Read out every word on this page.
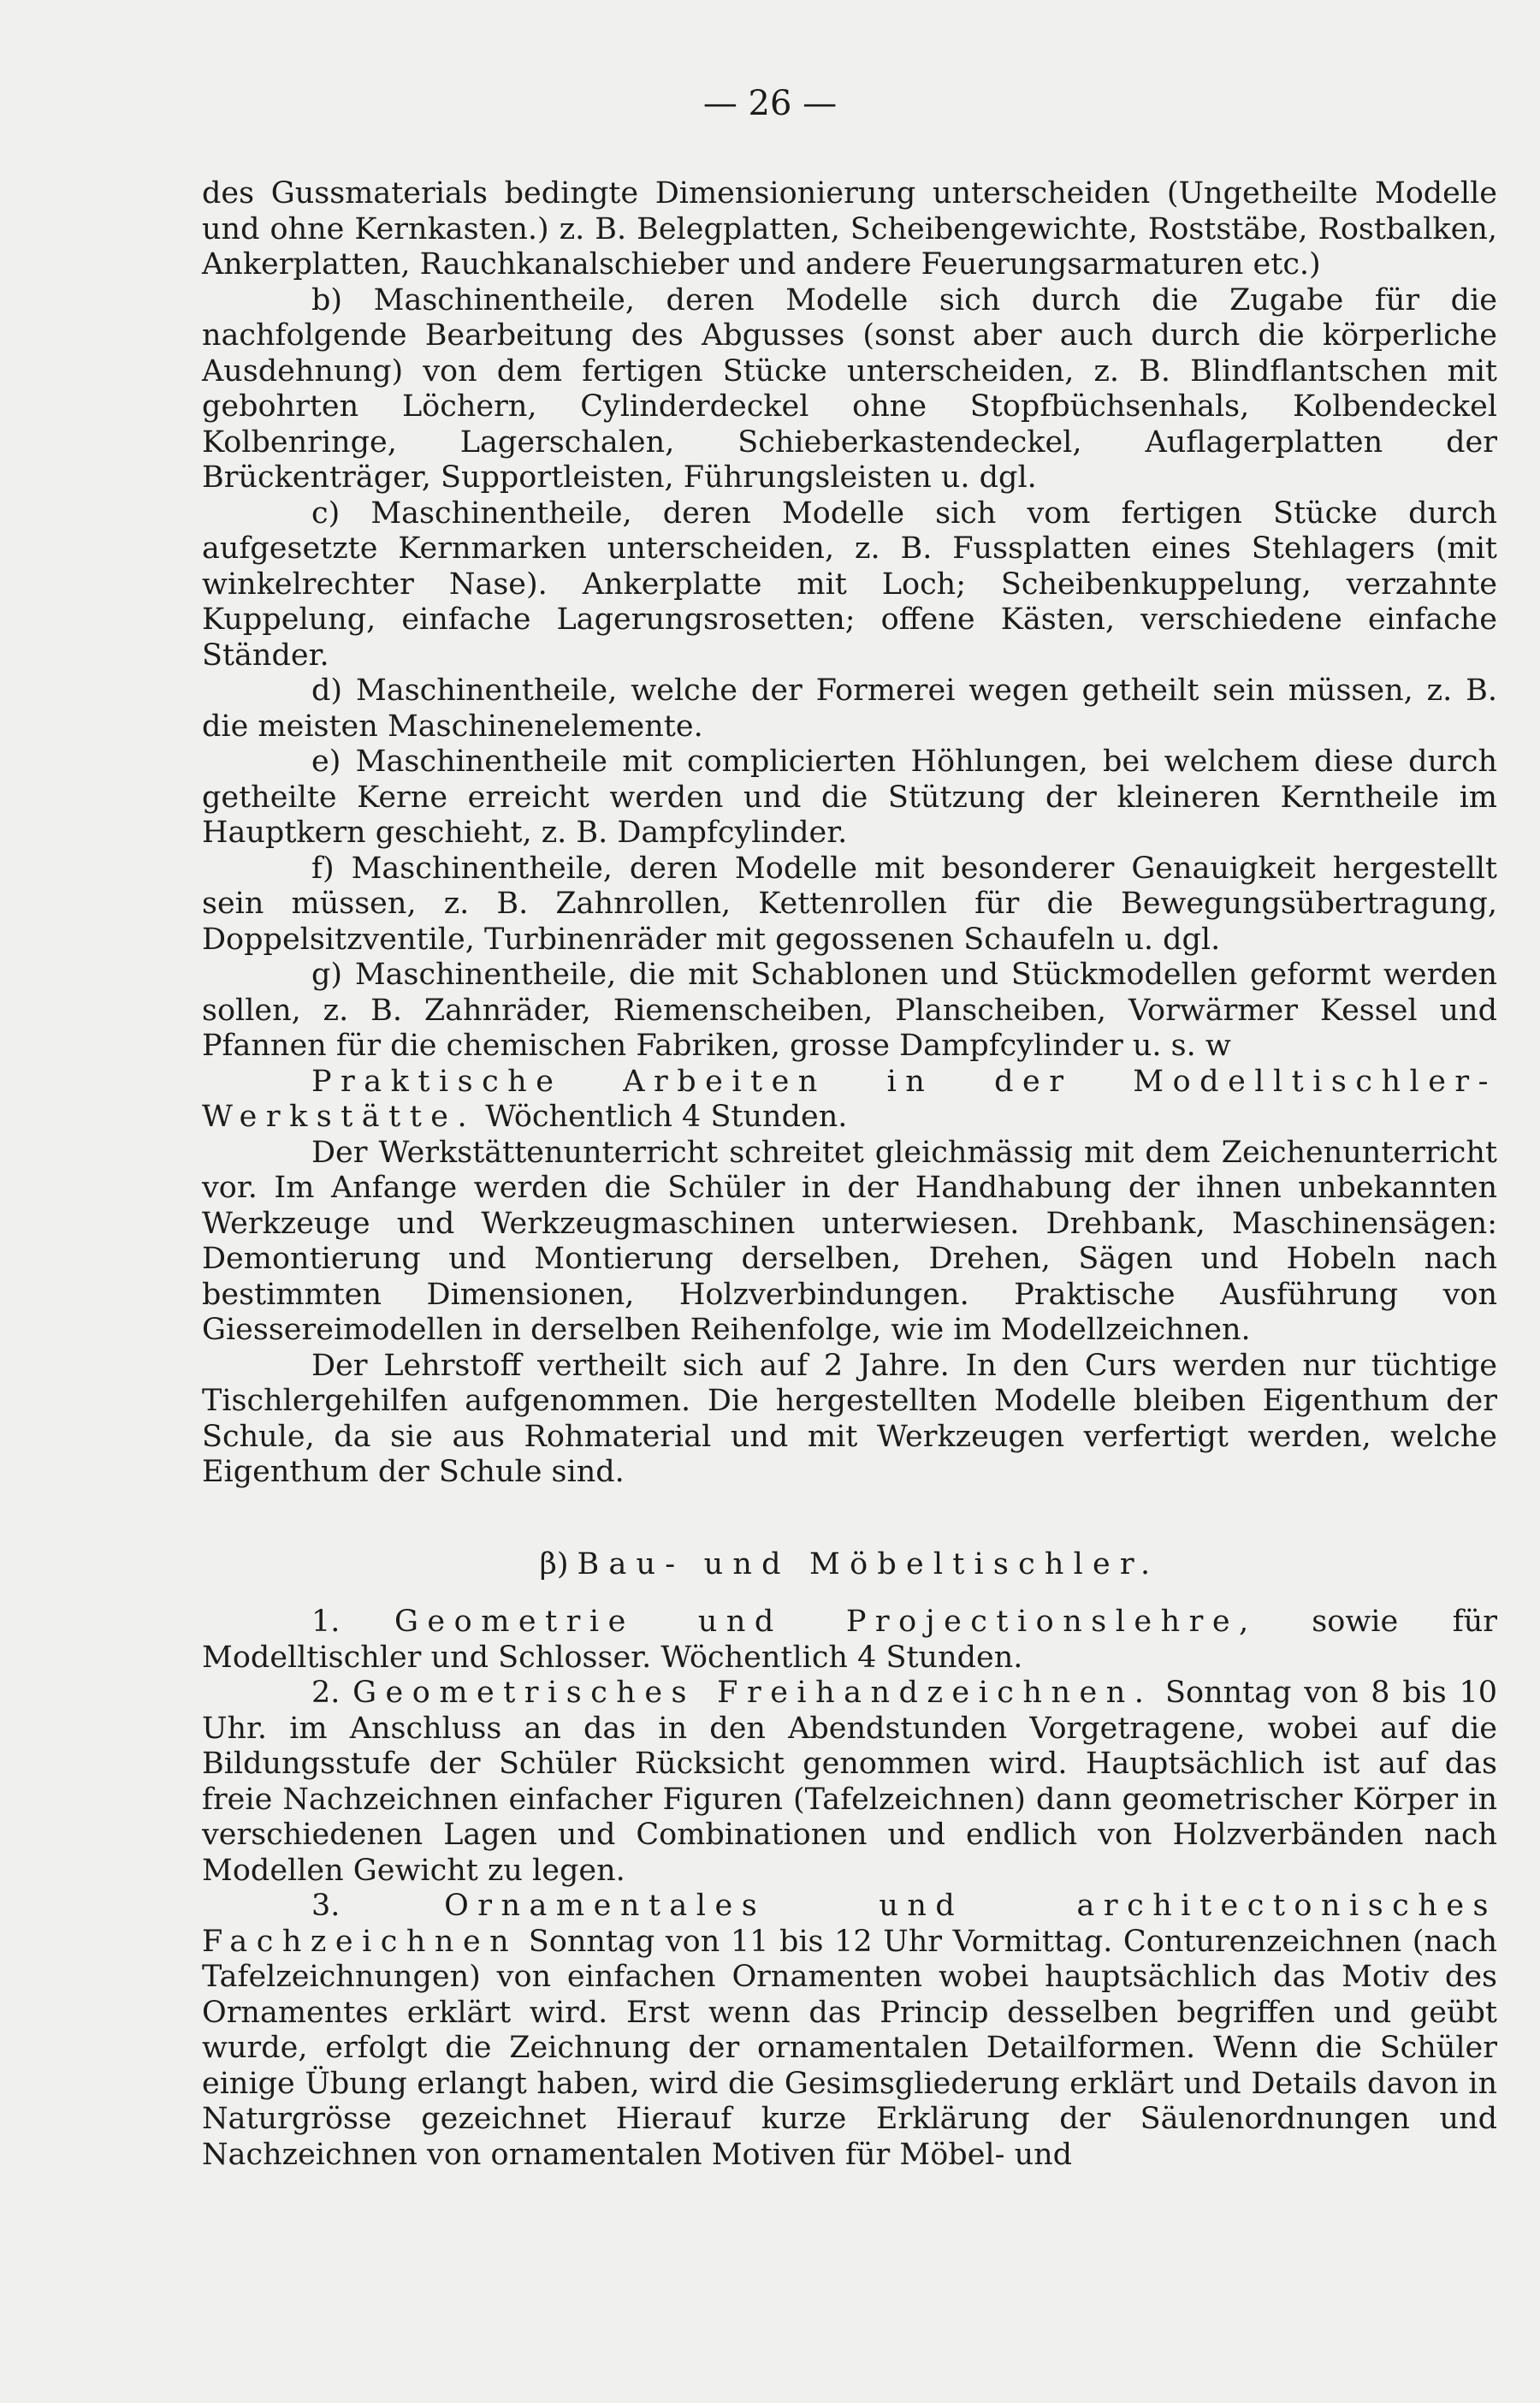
— 26 —

des Gussmaterials bedingte Dimensionierung unterscheiden (Ungetheilte Modelle und ohne Kernkasten.) z. B. Belegplatten, Scheibengewichte, Roststäbe, Rostbalken, Ankerplatten, Rauchkanalschieber und andere Feuerungsarmaturen etc.)

b) Maschinentheile, deren Modelle sich durch die Zugabe für die nachfolgende Bearbeitung des Abgusses (sonst aber auch durch die körperliche Ausdehnung) von dem fertigen Stücke unterscheiden, z. B. Blindflantschen mit gebohrten Löchern, Cylinderdeckel ohne Stopfbüchsenhals, Kolbendeckel Kolbenringe, Lagerschalen, Schieberkastendeckel, Auflagerplatten der Brückenträger, Supportleisten, Führungsleisten u. dgl.

c) Maschinentheile, deren Modelle sich vom fertigen Stücke durch aufgesetzte Kernmarken unterscheiden, z. B. Fussplatten eines Stehlagers (mit winkelrechter Nase). Ankerplatte mit Loch; Scheibenkuppelung, verzahnte Kuppelung, einfache Lagerungsrosetten; offene Kästen, verschiedene einfache Ständer.

d) Maschinentheile, welche der Formerei wegen getheilt sein müssen, z. B. die meisten Maschinenelemente.

e) Maschinentheile mit complicierten Höhlungen, bei welchem diese durch getheilte Kerne erreicht werden und die Stützung der kleineren Kerntheile im Hauptkern geschieht, z. B. Dampfcylinder.

f) Maschinentheile, deren Modelle mit besonderer Genauigkeit hergestellt sein müssen, z. B. Zahnrollen, Kettenrollen für die Bewegungsübertragung, Doppelsitzventile, Turbinenräder mit gegossenen Schaufeln u. dgl.

g) Maschinentheile, die mit Schablonen und Stückmodellen geformt werden sollen, z. B. Zahnräder, Riemenscheiben, Planscheiben, Vorwärmer Kessel und Pfannen für die chemischen Fabriken, grosse Dampfcylinder u. s. w

Praktische Arbeiten in der Modelltischler-Werkstätte. Wöchentlich 4 Stunden.

Der Werkstättenunterricht schreitet gleichmässig mit dem Zeichenunterricht vor. Im Anfange werden die Schüler in der Handhabung der ihnen unbekannten Werkzeuge und Werkzeugmaschinen unterwiesen. Drehbank, Maschinensägen: Demontierung und Montierung derselben, Drehen, Sägen und Hobeln nach bestimmten Dimensionen, Holzverbindungen. Praktische Ausführung von Giessereimodellen in derselben Reihenfolge, wie im Modellzeichnen.

Der Lehrstoff vertheilt sich auf 2 Jahre. In den Curs werden nur tüchtige Tischlergehilfen aufgenommen. Die hergestellten Modelle bleiben Eigenthum der Schule, da sie aus Rohmaterial und mit Werkzeugen verfertigt werden, welche Eigenthum der Schule sind.

β) Bau- und Möbeltischler.

1. Geometrie und Projectionslehre, sowie für Modelltischler und Schlosser. Wöchentlich 4 Stunden.

2. Geometrisches Freihandzeichnen. Sonntag von 8 bis 10 Uhr. im Anschluss an das in den Abendstunden Vorgetragene, wobei auf die Bildungsstufe der Schüler Rücksicht genommen wird. Hauptsächlich ist auf das freie Nachzeichnen einfacher Figuren (Tafelzeichnen) dann geometrischer Körper in verschiedenen Lagen und Combinationen und endlich von Holzverbänden nach Modellen Gewicht zu legen.

3.	Ornamentales und architectonisches Fachzeichnen Sonntag von 11 bis 12 Uhr Vormittag. Conturenzeichnen (nach Tafelzeichnungen) von einfachen Ornamenten wobei hauptsächlich das Motiv des Ornamentes erklärt wird. Erst wenn das Princip desselben begriffen und geübt wurde, erfolgt die Zeichnung der ornamentalen Detailformen. Wenn die Schüler einige Übung erlangt haben, wird die Gesimsgliederung erklärt und Details davon in Naturgrösse gezeichnet Hierauf kurze Erklärung der Säulenordnungen und Nachzeichnen von ornamentalen Motiven für Möbel- und
